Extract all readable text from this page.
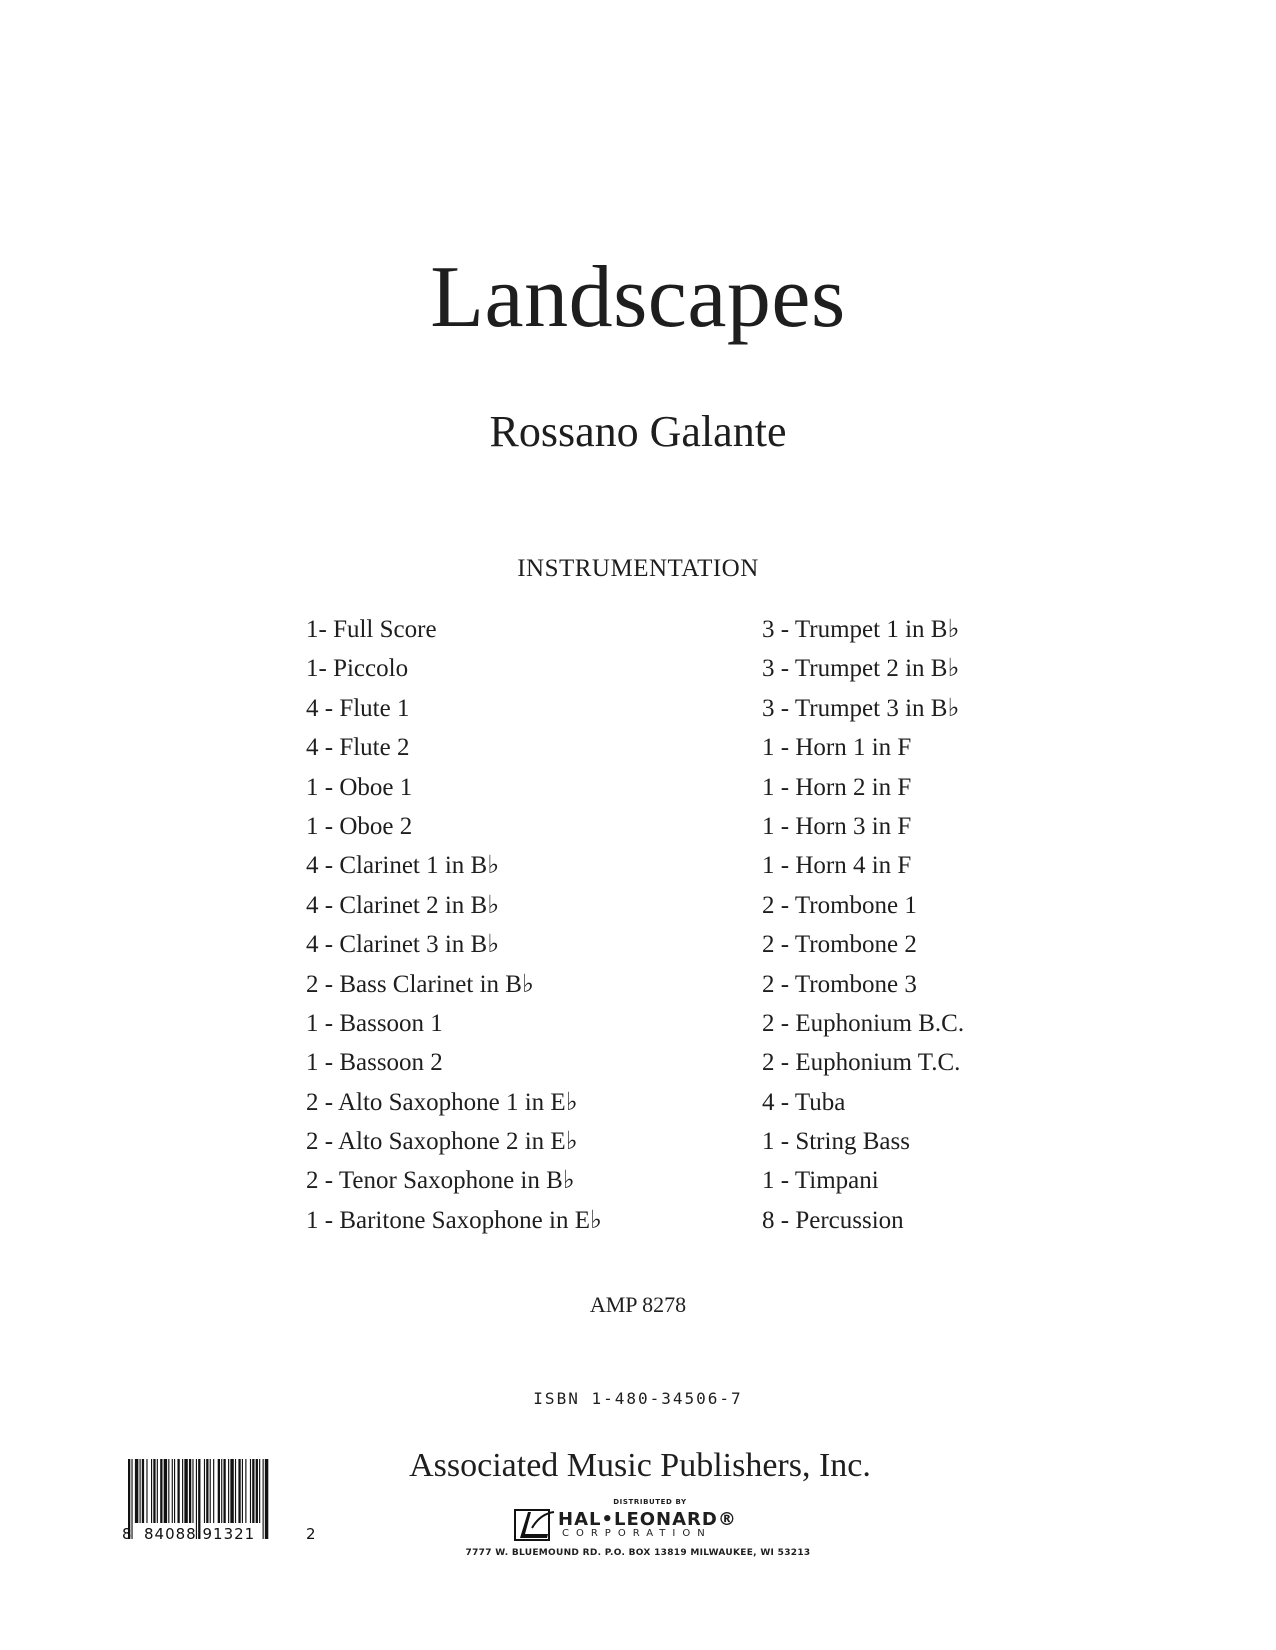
Landscapes
Rossano Galante
INSTRUMENTATION
1- Full Score
1- Piccolo
4 - Flute 1
4 - Flute 2
1 - Oboe 1
1 - Oboe 2
4 - Clarinet 1 in B♭
4 - Clarinet 2 in B♭
4 - Clarinet 3 in B♭
2 - Bass Clarinet in B♭
1 - Bassoon 1
1 - Bassoon 2
2 - Alto Saxophone 1 in E♭
2 - Alto Saxophone 2 in E♭
2 - Tenor Saxophone in B♭
1 - Baritone Saxophone in E♭
3 - Trumpet 1 in B♭
3 - Trumpet 2 in B♭
3 - Trumpet 3 in B♭
1 - Horn 1 in F
1 - Horn 2 in F
1 - Horn 3 in F
1 - Horn 4 in F
2 - Trombone 1
2 - Trombone 2
2 - Trombone 3
2 - Euphonium B.C.
2 - Euphonium T.C.
4 - Tuba
1 - String Bass
1 - Timpani
8 - Percussion
AMP 8278
ISBN 1-480-34506-7
8 84088 91321	2
Associated Music Publishers, Inc.
DISTRIBUTED BY
HAL•LEONARD®
CORPORATION
7777 W. BLUEMOUND RD. P.O. BOX 13819 MILWAUKEE, WI 53213
